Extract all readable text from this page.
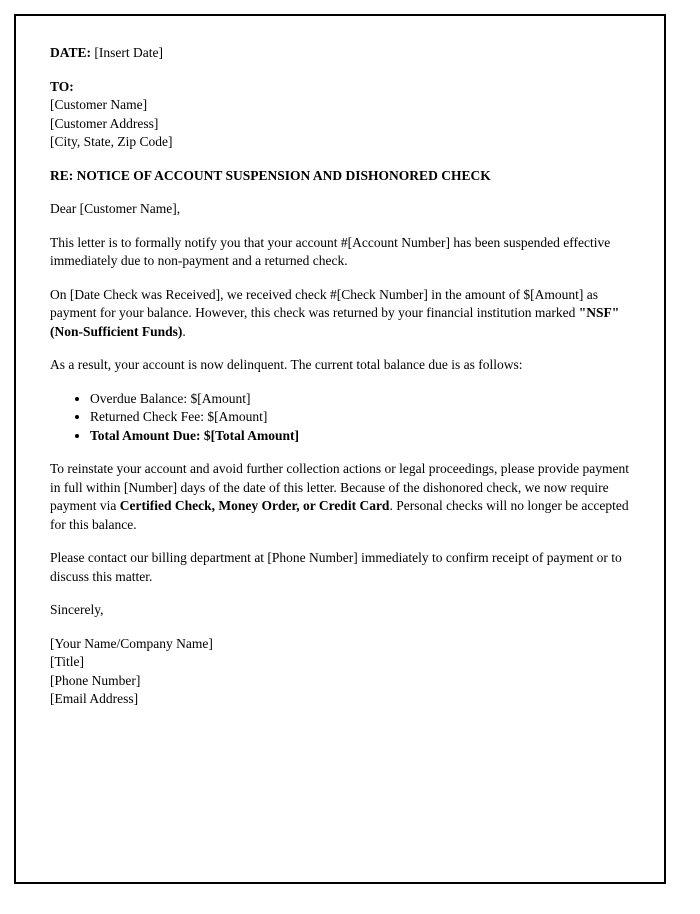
DATE: [Insert Date]

TO:
[Customer Name]
[Customer Address]
[City, State, Zip Code]

RE: NOTICE OF ACCOUNT SUSPENSION AND DISHONORED CHECK

Dear [Customer Name],

This letter is to formally notify you that your account #[Account Number] has been suspended effective immediately due to non-payment and a returned check.

On [Date Check was Received], we received check #[Check Number] in the amount of $[Amount] as payment for your balance. However, this check was returned by your financial institution marked "NSF" (Non-Sufficient Funds).

As a result, your account is now delinquent. The current total balance due is as follows:

• Overdue Balance: $[Amount]
• Returned Check Fee: $[Amount]
• Total Amount Due: $[Total Amount]

To reinstate your account and avoid further collection actions or legal proceedings, please provide payment in full within [Number] days of the date of this letter. Because of the dishonored check, we now require payment via Certified Check, Money Order, or Credit Card. Personal checks will no longer be accepted for this balance.

Please contact our billing department at [Phone Number] immediately to confirm receipt of payment or to discuss this matter.

Sincerely,

[Your Name/Company Name]
[Title]
[Phone Number]
[Email Address]
